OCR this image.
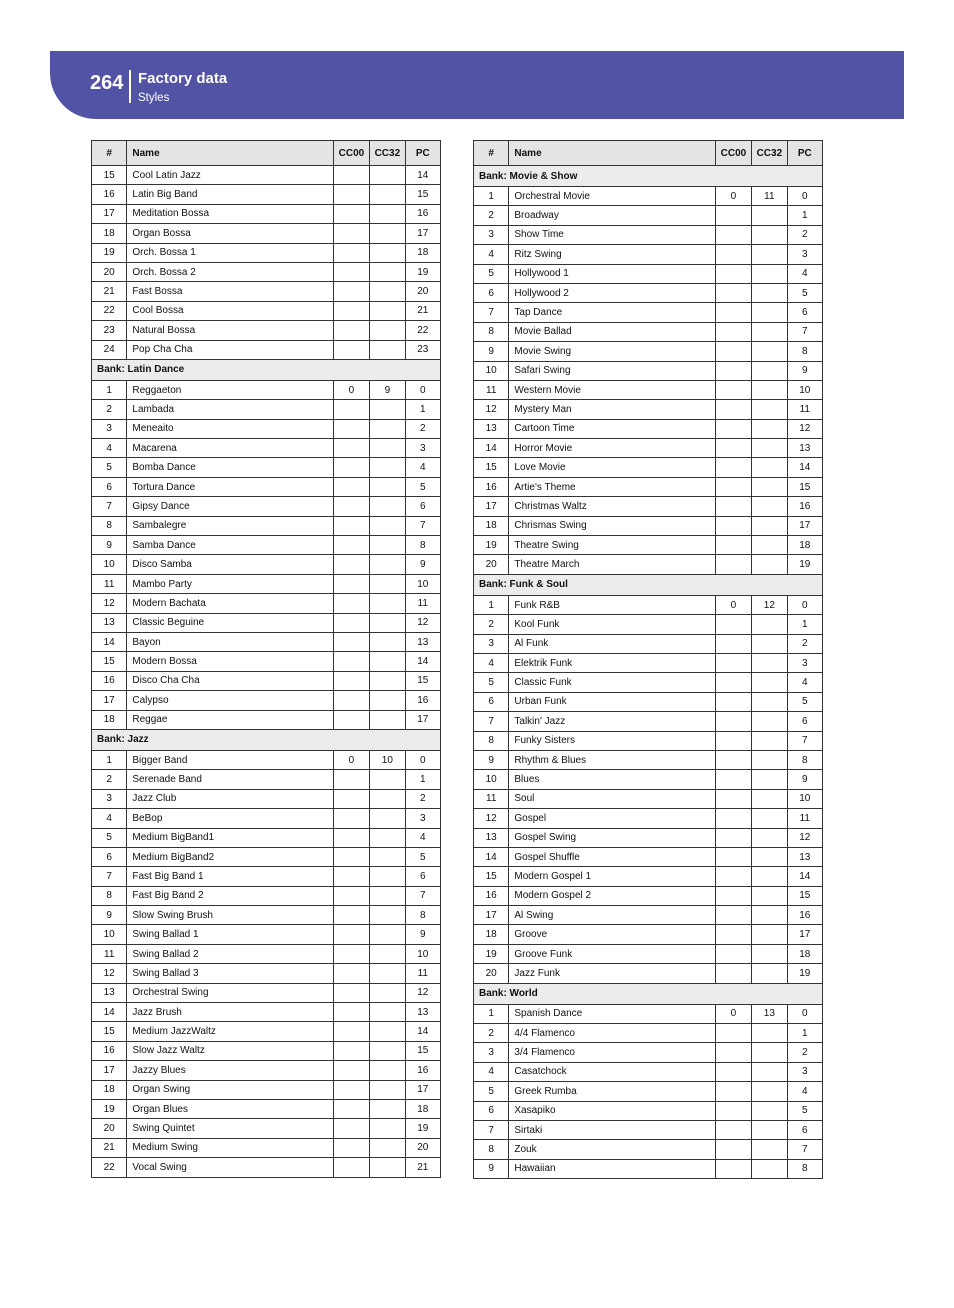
264 Factory data
Styles
#	Name	CC00	CC32	PC
15	Cool Latin Jazz			14
16	Latin Big Band			15
17	Meditation Bossa			16
18	Organ Bossa			17
19	Orch. Bossa 1			18
20	Orch. Bossa 2			19
21	Fast Bossa			20
22	Cool Bossa			21
23	Natural Bossa			22
24	Pop Cha Cha			23
Bank: Latin Dance				
1	Reggaeton	0	9	0
2	Lambada			1
3	Meneaito			2
4	Macarena			3
5	Bomba Dance			4
6	Tortura Dance			5
7	Gipsy Dance			6
8	Sambalegre			7
9	Samba Dance			8
10	Disco Samba			9
11	Mambo Party			10
12	Modern Bachata			11
13	Classic Beguine			12
14	Bayon			13
15	Modern Bossa			14
16	Disco Cha Cha			15
17	Calypso			16
18	Reggae			17
Bank: Jazz				
1	Bigger Band	0	10	0
2	Serenade Band			1
3	Jazz Club			2
4	BeBop			3
5	Medium BigBand1			4
6	Medium BigBand2			5
7	Fast Big Band 1			6
8	Fast Big Band 2			7
9	Slow Swing Brush			8
10	Swing Ballad 1			9
11	Swing Ballad 2			10
12	Swing Ballad 3			11
13	Orchestral Swing			12
14	Jazz Brush			13
15	Medium JazzWaltz			14
16	Slow Jazz Waltz			15
17	Jazzy Blues			16
18	Organ Swing			17
19	Organ Blues			18
20	Swing Quintet			19
21	Medium Swing			20
22	Vocal Swing			21
#	Name	CC00	CC32	PC
Bank: Movie & Show				
1	Orchestral Movie	0	11	0
2	Broadway			1
3	Show Time			2
4	Ritz Swing			3
5	Hollywood 1			4
6	Hollywood 2			5
7	Tap Dance			6
8	Movie Ballad			7
9	Movie Swing			8
10	Safari Swing			9
11	Western Movie			10
12	Mystery Man			11
13	Cartoon Time			12
14	Horror Movie			13
15	Love Movie			14
16	Artie's Theme			15
17	Christmas Waltz			16
18	Chrismas Swing			17
19	Theatre Swing			18
20	Theatre March			19
Bank: Funk & Soul				
1	Funk R&B	0	12	0
2	Kool Funk			1
3	Al Funk			2
4	Elektrik Funk			3
5	Classic Funk			4
6	Urban Funk			5
7	Talkin' Jazz			6
8	Funky Sisters			7
9	Rhythm & Blues			8
10	Blues			9
11	Soul			10
12	Gospel			11
13	Gospel Swing			12
14	Gospel Shuffle			13
15	Modern Gospel 1			14
16	Modern Gospel 2			15
17	Al Swing			16
18	Groove			17
19	Groove Funk			18
20	Jazz Funk			19
Bank: World				
1	Spanish Dance	0	13	0
2	4/4 Flamenco			1
3	3/4 Flamenco			2
4	Casatchock			3
5	Greek Rumba			4
6	Xasapiko			5
7	Sirtaki			6
8	Zouk			7
9	Hawaiian			8
